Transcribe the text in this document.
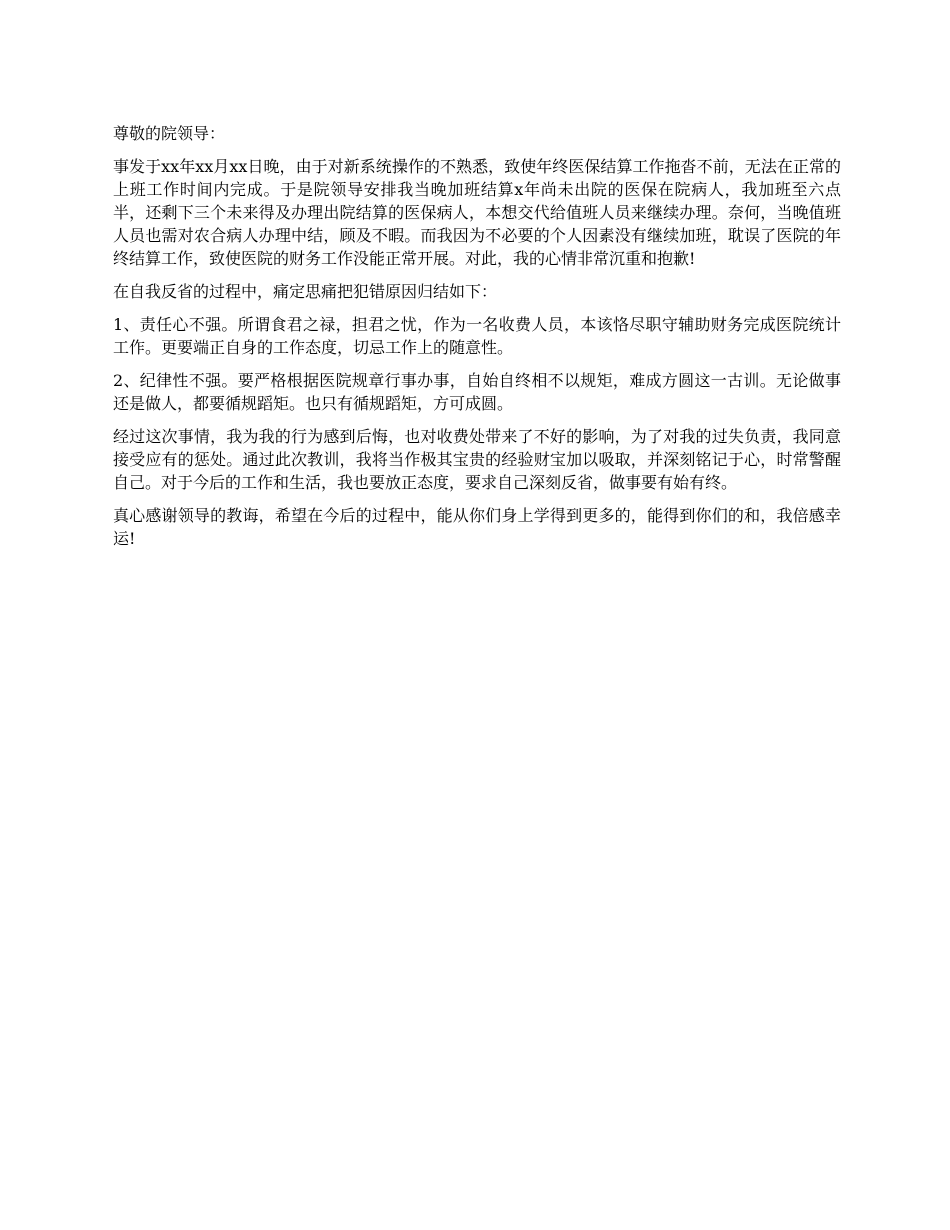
尊敬的院领导：

事发于xx年xx月xx日晚，由于对新系统操作的不熟悉，致使年终医保结算工作拖沓不前，无法在正常的上班工作时间内完成。于是院领导安排我当晚加班结算x年尚未出院的医保在院病人，我加班至六点半，还剩下三个未来得及办理出院结算的医保病人，本想交代给值班人员来继续办理。奈何，当晚值班人员也需对农合病人办理中结，顾及不暇。而我因为不必要的个人因素没有继续加班，耽误了医院的年终结算工作，致使医院的财务工作没能正常开展。对此，我的心情非常沉重和抱歉!

在自我反省的过程中，痛定思痛把犯错原因归结如下：

1、责任心不强。所谓食君之禄，担君之忧，作为一名收费人员，本该恪尽职守辅助财务完成医院统计工作。更要端正自身的工作态度，切忌工作上的随意性。

2、纪律性不强。要严格根据医院规章行事办事，自始自终相不以规矩，难成方圆这一古训。无论做事还是做人，都要循规蹈矩。也只有循规蹈矩，方可成圆。

经过这次事情，我为我的行为感到后悔，也对收费处带来了不好的影响，为了对我的过失负责，我同意接受应有的惩处。通过此次教训，我将当作极其宝贵的经验财宝加以吸取，并深刻铭记于心，时常警醒自己。对于今后的工作和生活，我也要放正态度，要求自己深刻反省，做事要有始有终。

真心感谢领导的教诲，希望在今后的过程中，能从你们身上学得到更多的，能得到你们的和，我倍感幸运!
